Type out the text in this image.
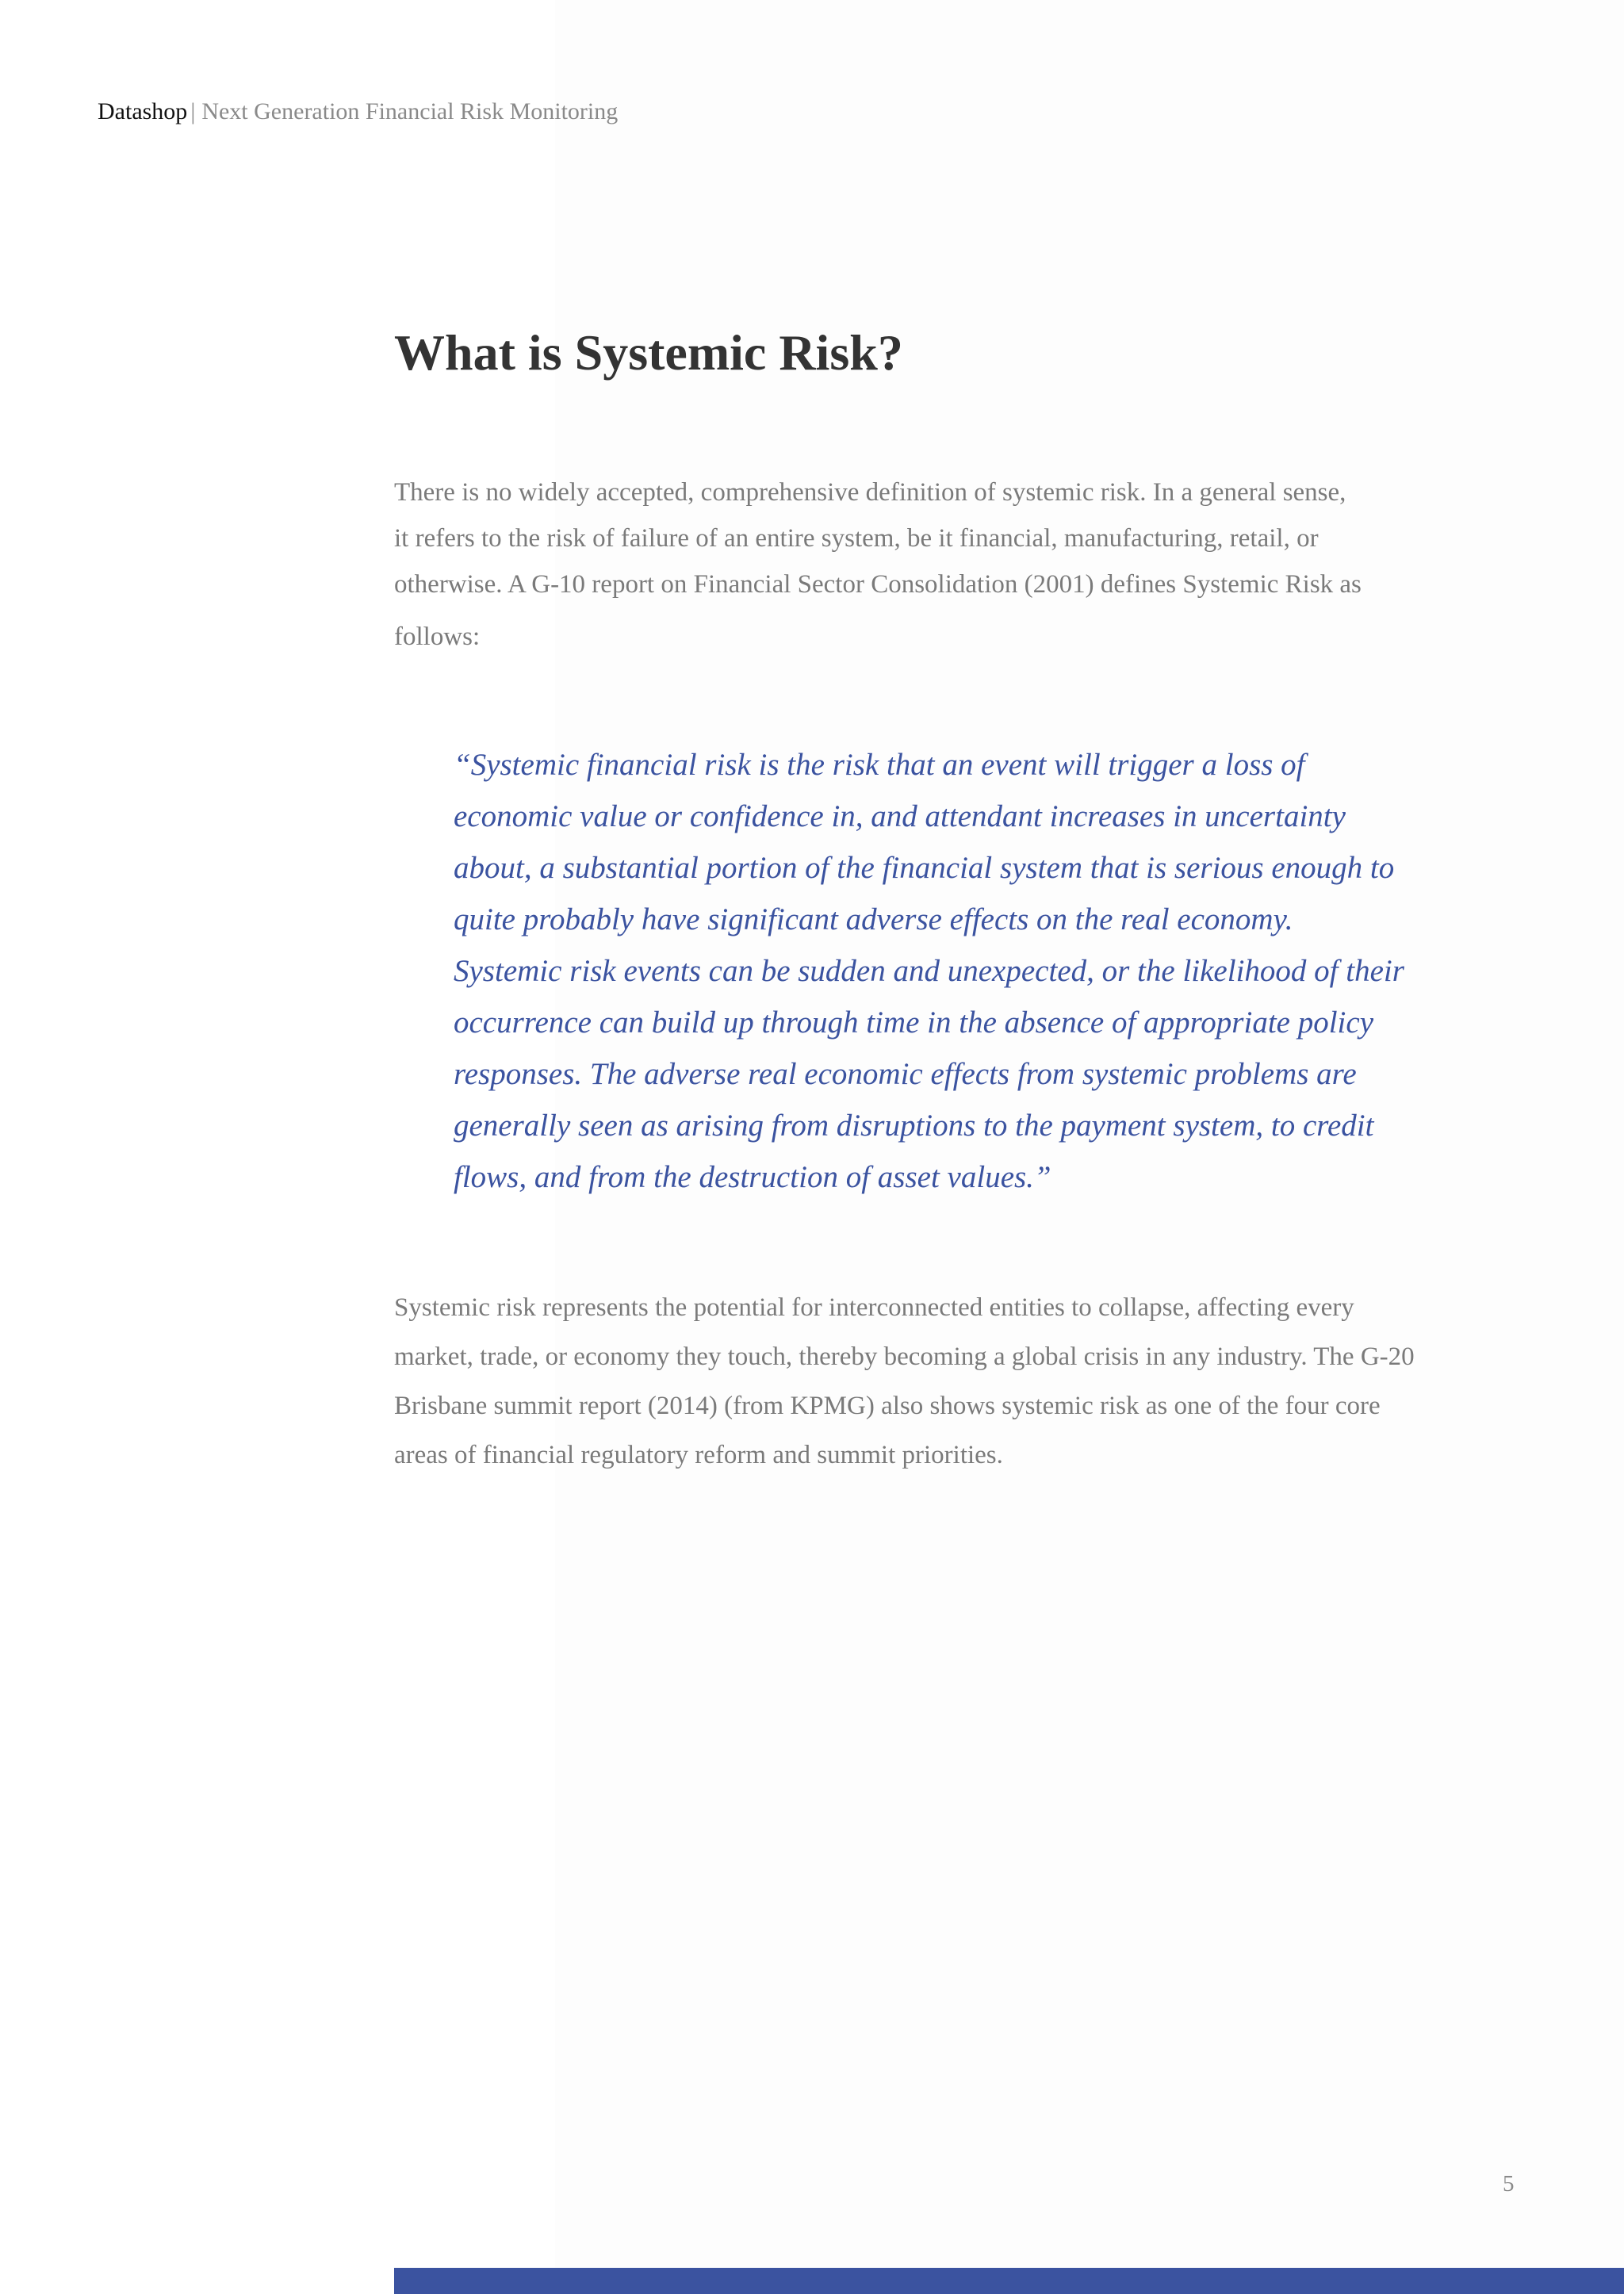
Datashop | Next Generation Financial Risk Monitoring
What is Systemic Risk?
There is no widely accepted, comprehensive definition of systemic risk. In a general sense,
it refers to the risk of failure of an entire system, be it financial, manufacturing, retail, or
otherwise. A G-10 report on Financial Sector Consolidation (2001) defines Systemic Risk as
follows:
“Systemic financial risk is the risk that an event will trigger a loss of
economic value or confidence in, and attendant increases in uncertainty
about, a substantial portion of the financial system that is serious enough to
quite probably have significant adverse effects on the real economy.
Systemic risk events can be sudden and unexpected, or the likelihood of their
occurrence can build up through time in the absence of appropriate policy
responses. The adverse real economic effects from systemic problems are
generally seen as arising from disruptions to the payment system, to credit
flows, and from the destruction of asset values.”
Systemic risk represents the potential for interconnected entities to collapse, affecting every
market, trade, or economy they touch, thereby becoming a global crisis in any industry. The G-20
Brisbane summit report (2014) (from KPMG) also shows systemic risk as one of the four core
areas of financial regulatory reform and summit priorities.
5
